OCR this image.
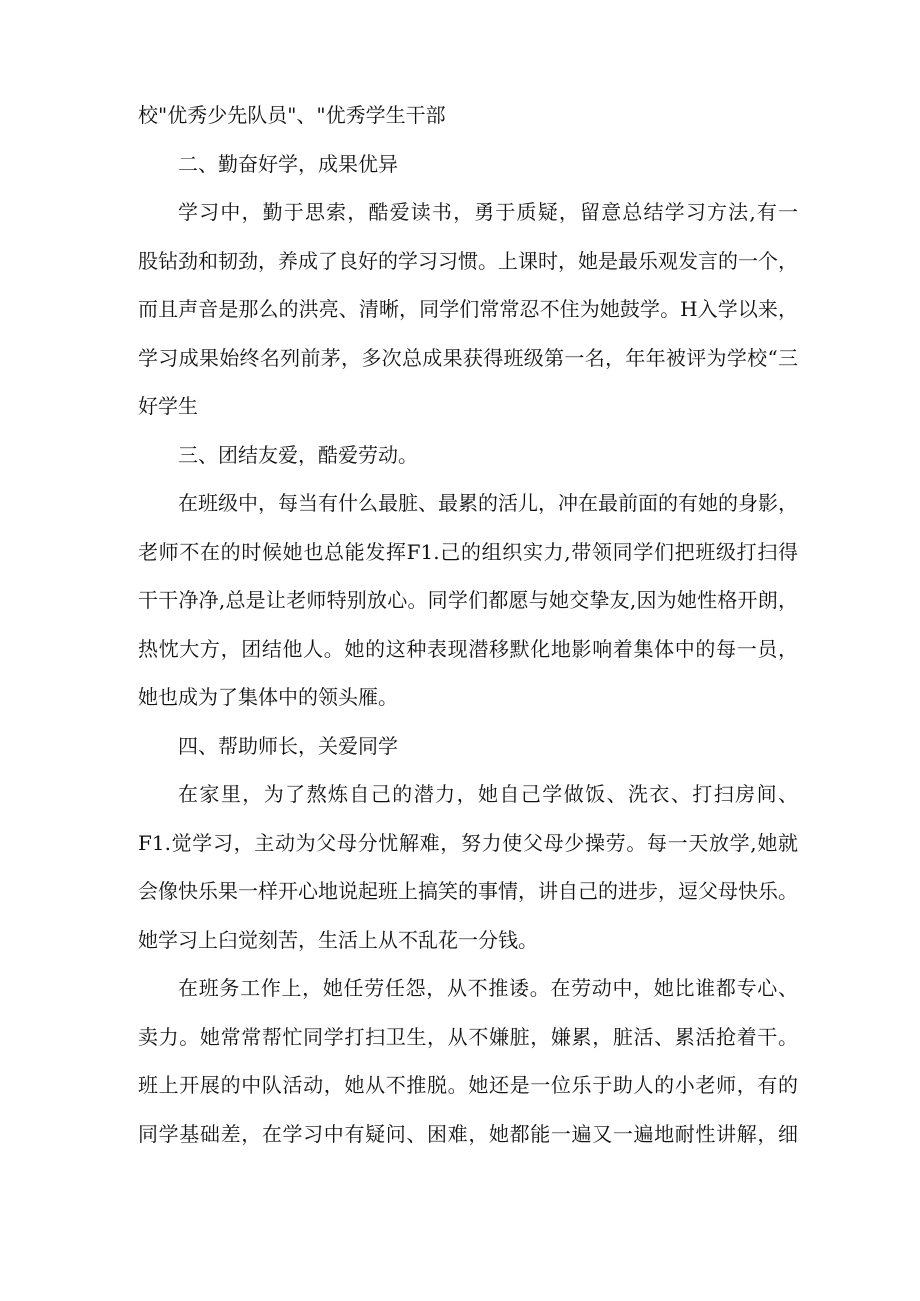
校"优秀少先队员"、"优秀学生干部
二、勤奋好学，成果优异
学习中，勤于思索，酷爱读书，勇于质疑，留意总结学习方法,有一
股钻劲和韧劲，养成了良好的学习习惯。上课时，她是最乐观发言的一个，
而且声音是那么的洪亮、清晰，同学们常常忍不住为她鼓学。H入学以来，
学习成果始终名列前茅，多次总成果获得班级第一名，年年被评为学校“三
好学生
三、团结友爱，酷爱劳动。
在班级中，每当有什么最脏、最累的活儿，冲在最前面的有她的身影，
老师不在的时候她也总能发挥F1.己的组织实力,带领同学们把班级打扫得
干干净净,总是让老师特别放心。同学们都愿与她交挚友,因为她性格开朗，
热忱大方，团结他人。她的这种表现潜移默化地影响着集体中的每一员，
她也成为了集体中的领头雁。
四、帮助师长，关爱同学
在家里，为了熬炼自己的潜力，她自己学做饭、洗衣、打扫房间、
F1.觉学习，主动为父母分忧解难，努力使父母少操劳。每一天放学,她就
会像快乐果一样开心地说起班上搞笑的事情，讲自己的进步，逗父母快乐。
她学习上臼觉刻苦，生活上从不乱花一分钱。
在班务工作上，她任劳任怨，从不推诿。在劳动中，她比谁都专心、
卖力。她常常帮忙同学打扫卫生，从不嫌脏，嫌累，脏活、累活抢着干。
班上开展的中队活动，她从不推脱。她还是一位乐于助人的小老师，有的
同学基础差，在学习中有疑问、困难，她都能一遍又一遍地耐性讲解，细
